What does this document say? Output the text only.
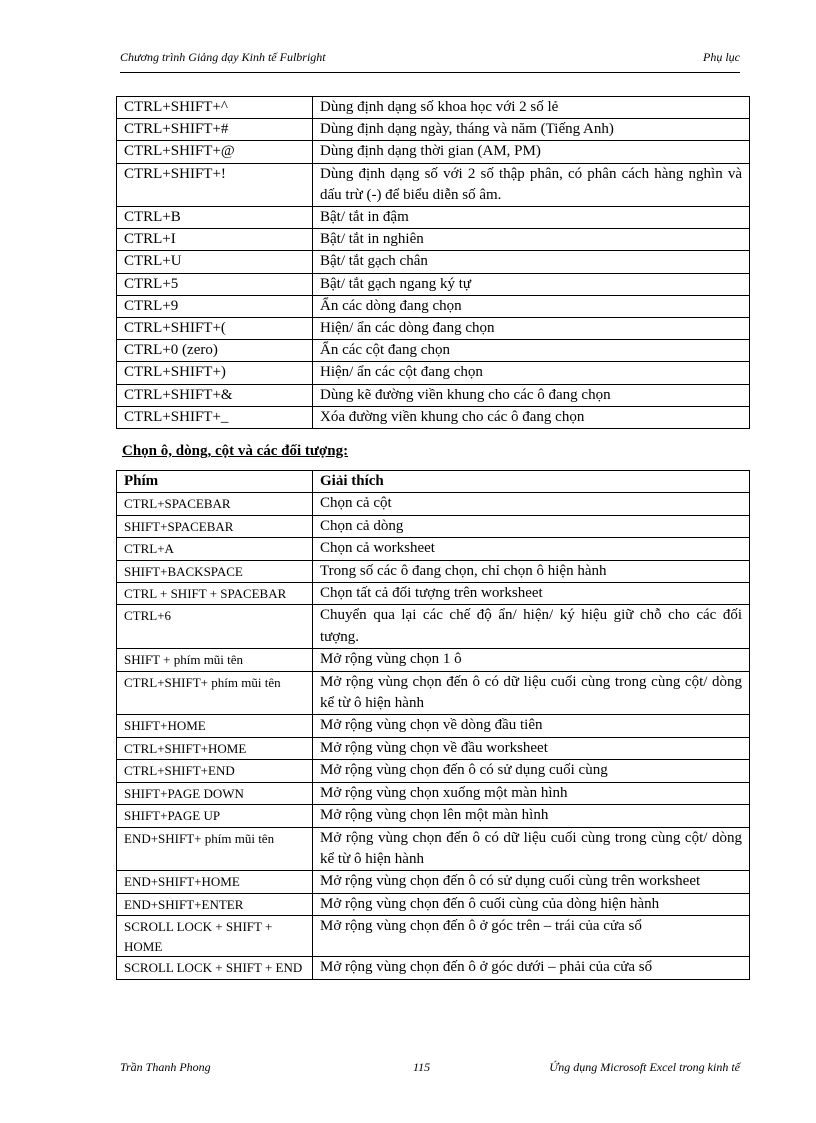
Chương trình Giảng dạy Kinh tế Fulbright	Phụ lục
CTRL+SHIFT+^	Dùng định dạng số khoa học với 2 số lẻ
CTRL+SHIFT+#	Dùng định dạng ngày, tháng và năm (Tiếng Anh)
CTRL+SHIFT+@	Dùng định dạng thời gian (AM, PM)
CTRL+SHIFT+!	Dùng định dạng số với 2 số thập phân, có phân cách hàng nghìn và dấu trừ (-) để biểu diễn số âm.
CTRL+B	Bật/ tắt in đậm
CTRL+I	Bật/ tắt in nghiên
CTRL+U	Bật/ tắt gạch chân
CTRL+5	Bật/ tắt gạch ngang ký tự
CTRL+9	Ẩn các dòng đang chọn
CTRL+SHIFT+(	Hiện/ ẩn các dòng đang chọn
CTRL+0 (zero)	Ẩn các cột đang chọn
CTRL+SHIFT+)	Hiện/ ẩn các cột đang chọn
CTRL+SHIFT+&	Dùng kẽ đường viền khung cho các ô đang chọn
CTRL+SHIFT+_	Xóa đường viền khung cho các ô đang chọn
Chọn ô, dòng, cột và các đối tượng:
Phím	Giải thích
CTRL+SPACEBAR	Chọn cả cột
SHIFT+SPACEBAR	Chọn cả dòng
CTRL+A	Chọn cả worksheet
SHIFT+BACKSPACE	Trong số các ô đang chọn, chỉ chọn ô hiện hành
CTRL + SHIFT + SPACEBAR	Chọn tất cả đối tượng trên worksheet
CTRL+6	Chuyển qua lại các chế độ ẩn/ hiện/ ký hiệu giữ chỗ cho các đối tượng.
SHIFT + phím mũi tên	Mở rộng vùng chọn 1 ô
CTRL+SHIFT+ phím mũi tên	Mở rộng vùng chọn đến ô có dữ liệu cuối cùng trong cùng cột/ dòng kể từ ô hiện hành
SHIFT+HOME	Mở rộng vùng chọn về dòng đầu tiên
CTRL+SHIFT+HOME	Mở rộng vùng chọn về đầu worksheet
CTRL+SHIFT+END	Mở rộng vùng chọn đến ô có sử dụng cuối cùng
SHIFT+PAGE DOWN	Mở rộng vùng chọn xuống một màn hình
SHIFT+PAGE UP	Mở rộng vùng chọn lên một màn hình
END+SHIFT+ phím mũi tên	Mở rộng vùng chọn đến ô có dữ liệu cuối cùng trong cùng cột/ dòng kể từ ô hiện hành
END+SHIFT+HOME	Mở rộng vùng chọn đến ô có sử dụng cuối cùng trên worksheet
END+SHIFT+ENTER	Mở rộng vùng chọn đến ô cuối cùng của dòng hiện hành
SCROLL LOCK + SHIFT + HOME	Mở rộng vùng chọn đến ô ở góc trên – trái của cửa sổ
SCROLL LOCK + SHIFT + END	Mở rộng vùng chọn đến ô ở góc dưới – phải của cửa sổ
Trần Thanh Phong	115	Ứng dụng Microsoft Excel trong kinh tế
